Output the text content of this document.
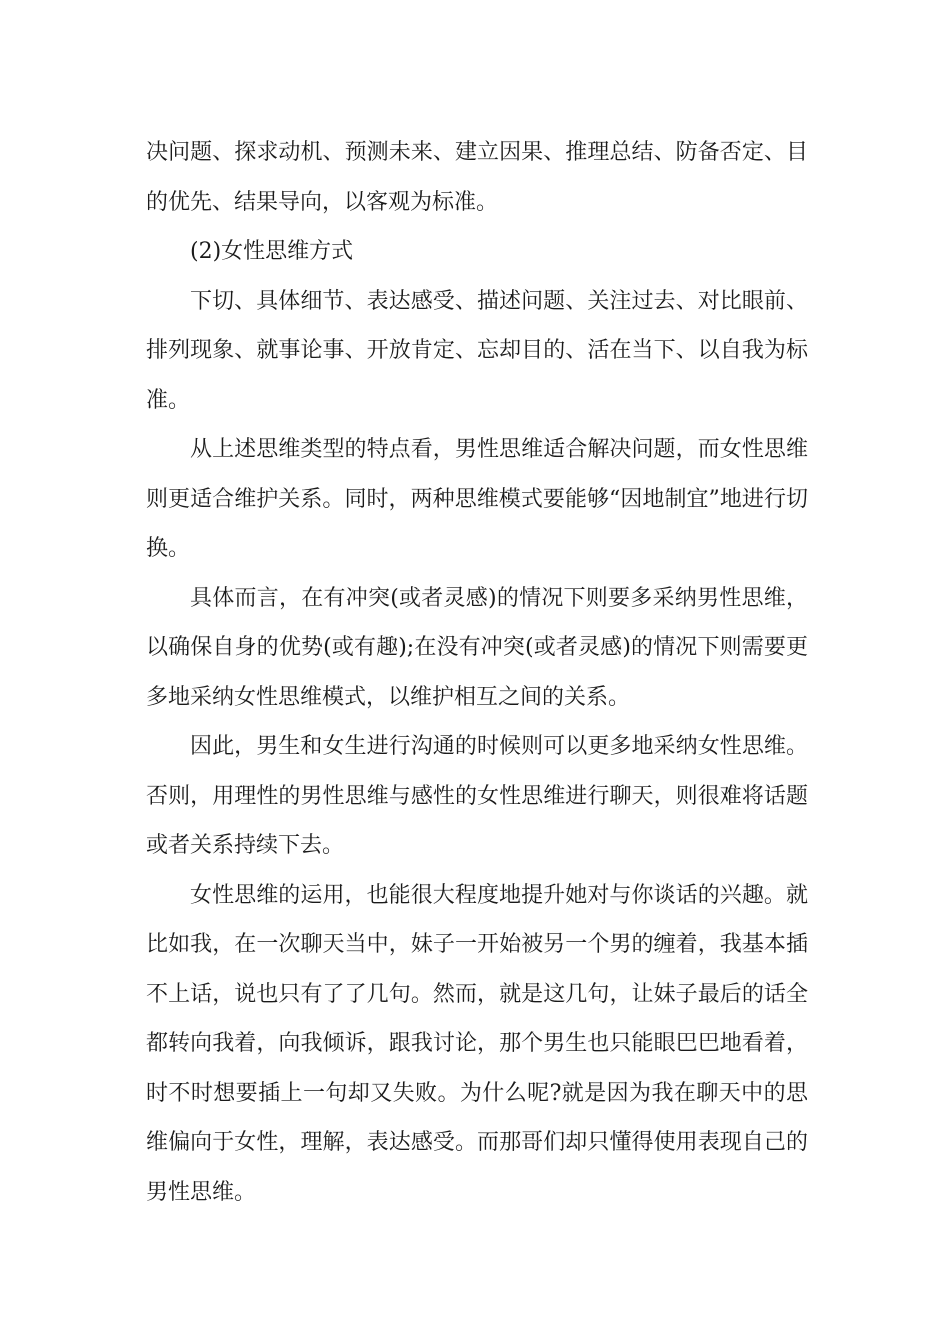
决问题、探求动机、预测未来、建立因果、推理总结、防备否定、目的优先、结果导向，以客观为标准。

(2)女性思维方式

下切、具体细节、表达感受、描述问题、关注过去、对比眼前、排列现象、就事论事、开放肯定、忘却目的、活在当下、以自我为标准。

从上述思维类型的特点看，男性思维适合解决问题，而女性思维则更适合维护关系。同时，两种思维模式要能够“因地制宜”地进行切换。

具体而言，在有冲突(或者灵感)的情况下则要多采纳男性思维，以确保自身的优势(或有趣);在没有冲突(或者灵感)的情况下则需要更多地采纳女性思维模式，以维护相互之间的关系。

因此，男生和女生进行沟通的时候则可以更多地采纳女性思维。否则，用理性的男性思维与感性的女性思维进行聊天，则很难将话题或者关系持续下去。

女性思维的运用，也能很大程度地提升她对与你谈话的兴趣。就比如我，在一次聊天当中，妹子一开始被另一个男的缠着，我基本插不上话，说也只有了了几句。然而，就是这几句，让妹子最后的话全都转向我着，向我倾诉，跟我讨论，那个男生也只能眼巴巴地看着，时不时想要插上一句却又失败。为什么呢?就是因为我在聊天中的思维偏向于女性，理解，表达感受。而那哥们却只懂得使用表现自己的男性思维。
